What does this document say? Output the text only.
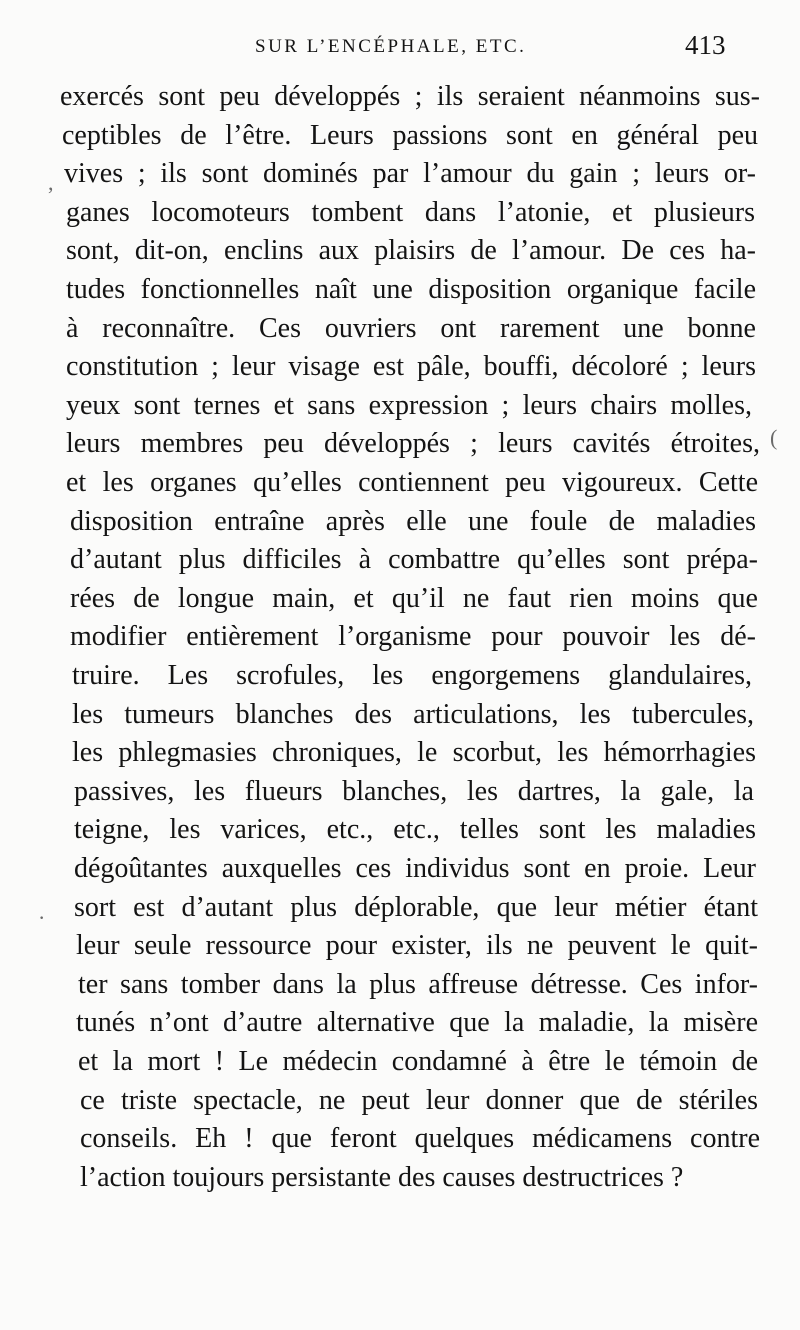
SUR L’ENCÉPHALE, ETC.	413
exercés sont peu développés ; ils seraient néanmoins sus-
ceptibles de l’être. Leurs passions sont en général peu
vives ; ils sont dominés par l’amour du gain ; leurs or-
ganes locomoteurs tombent dans l’atonie, et plusieurs
sont, dit-on, enclins aux plaisirs de l’amour. De ces ha-
tudes fonctionnelles naît une disposition organique facile
à reconnaître. Ces ouvriers ont rarement une bonne
constitution ; leur visage est pâle, bouffi, décoloré ; leurs
yeux sont ternes et sans expression ; leurs chairs molles,
leurs membres peu développés ; leurs cavités étroites,
et les organes qu’elles contiennent peu vigoureux. Cette
disposition entraîne après elle une foule de maladies
d’autant plus difficiles à combattre qu’elles sont prépa-
rées de longue main, et qu’il ne faut rien moins que
modifier entièrement l’organisme pour pouvoir les dé-
truire. Les scrofules, les engorgemens glandulaires,
les tumeurs blanches des articulations, les tubercules,
les phlegmasies chroniques, le scorbut, les hémorrhagies
passives, les flueurs blanches, les dartres, la gale, la
teigne, les varices, etc., etc., telles sont les maladies
dégoûtantes auxquelles ces individus sont en proie. Leur
sort est d’autant plus déplorable, que leur métier étant
leur seule ressource pour exister, ils ne peuvent le quit-
ter sans tomber dans la plus affreuse détresse. Ces infor-
tunés n’ont d’autre alternative que la maladie, la misère
et la mort ! Le médecin condamné à être le témoin de
ce triste spectacle, ne peut leur donner que de stériles
conseils. Eh ! que feront quelques médicamens contre
l’action toujours persistante des causes destructrices ?
,
·
(
